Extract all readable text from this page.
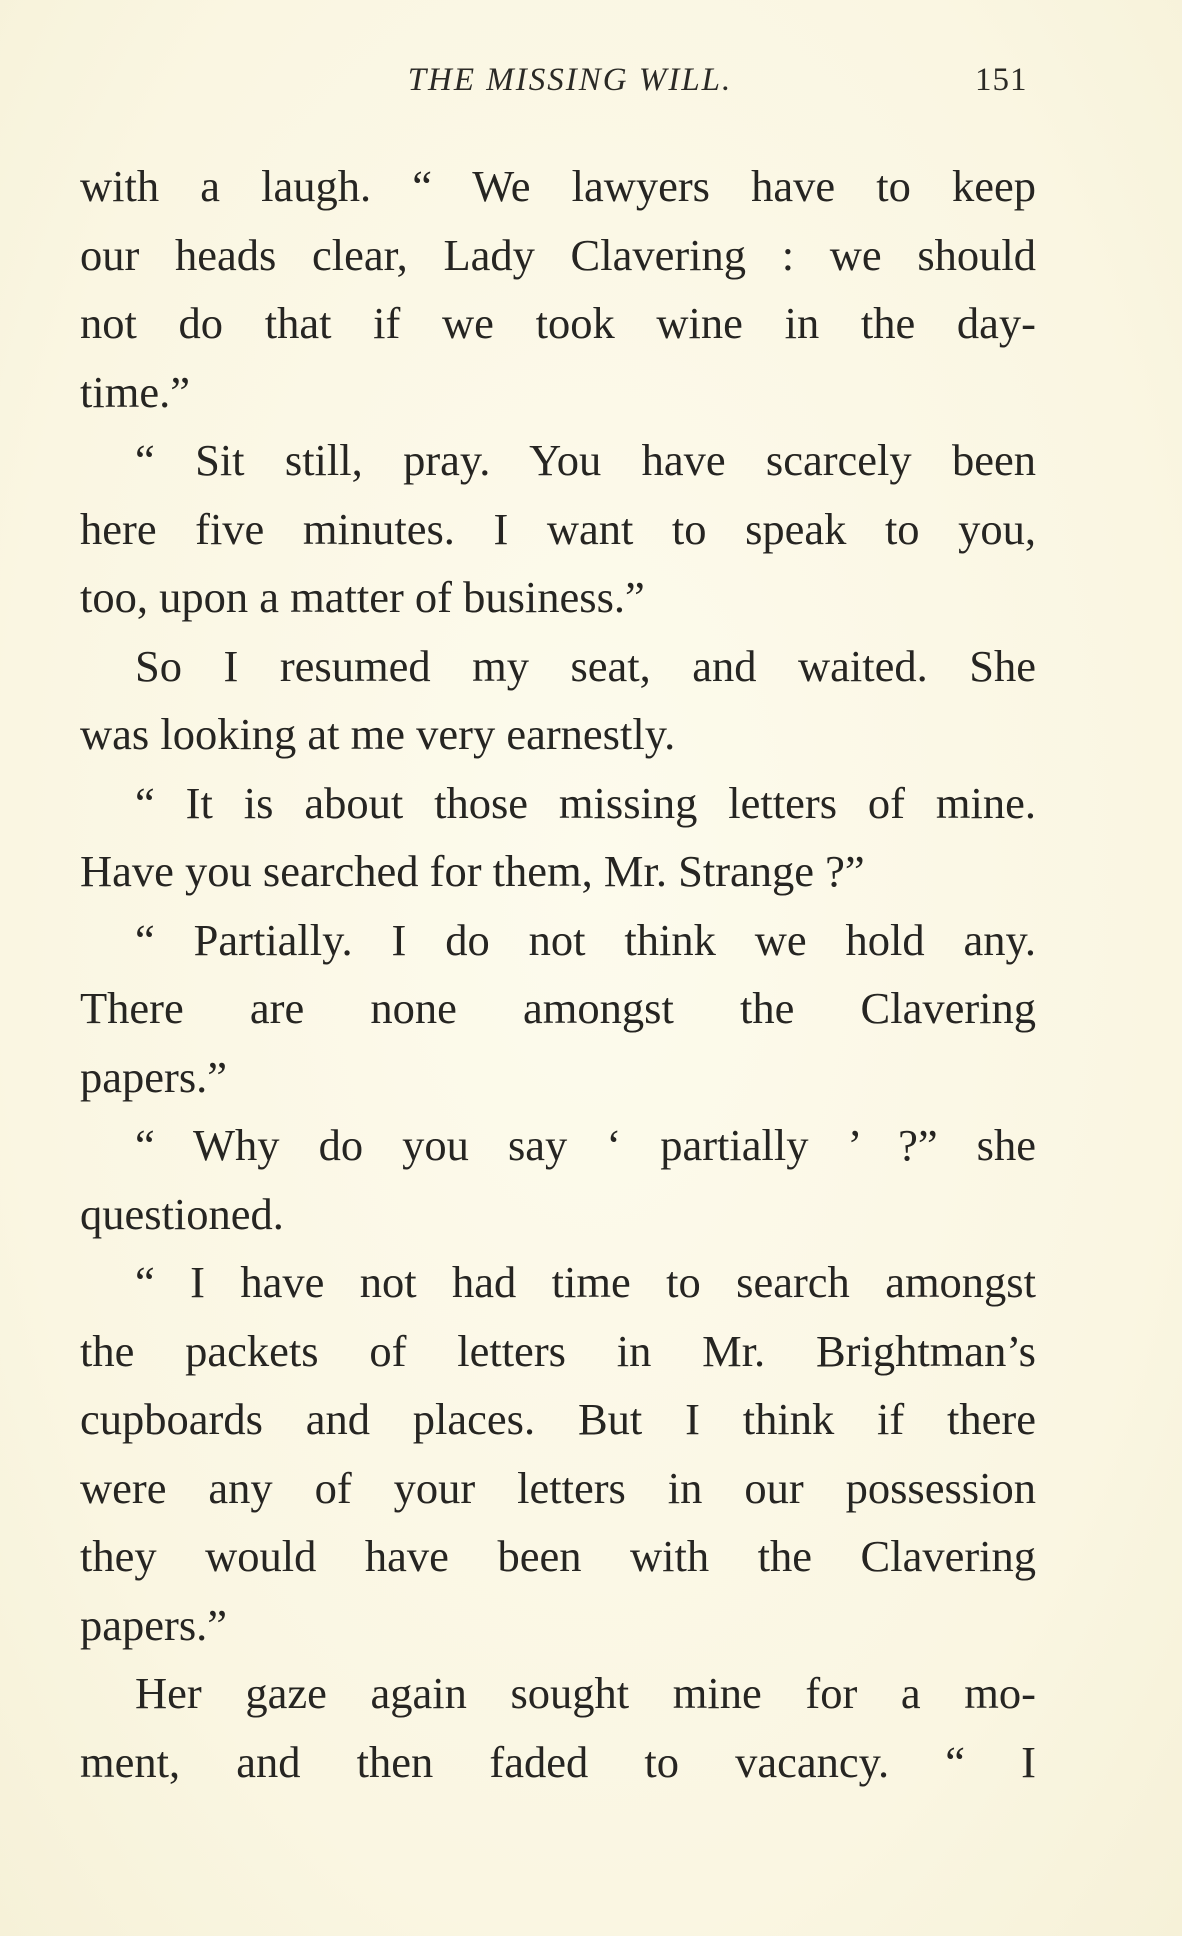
THE MISSING WILL.	151
with a laugh. “ We lawyers have to keep
our heads clear, Lady Clavering : we should
not do that if we took wine in the day-
time.”
“ Sit still, pray. You have scarcely been
here five minutes. I want to speak to you,
too, upon a matter of business.”
So I resumed my seat, and waited. She
was looking at me very earnestly.
“ It is about those missing letters of mine.
Have you searched for them, Mr. Strange ?”
“ Partially. I do not think we hold any.
There are none amongst the Clavering
papers.”
“ Why do you say ‘ partially ’ ?” she
questioned.
“ I have not had time to search amongst
the packets of letters in Mr. Brightman’s
cupboards and places. But I think if there
were any of your letters in our possession
they would have been with the Clavering
papers.”
Her gaze again sought mine for a mo-
ment, and then faded to vacancy. “ I
